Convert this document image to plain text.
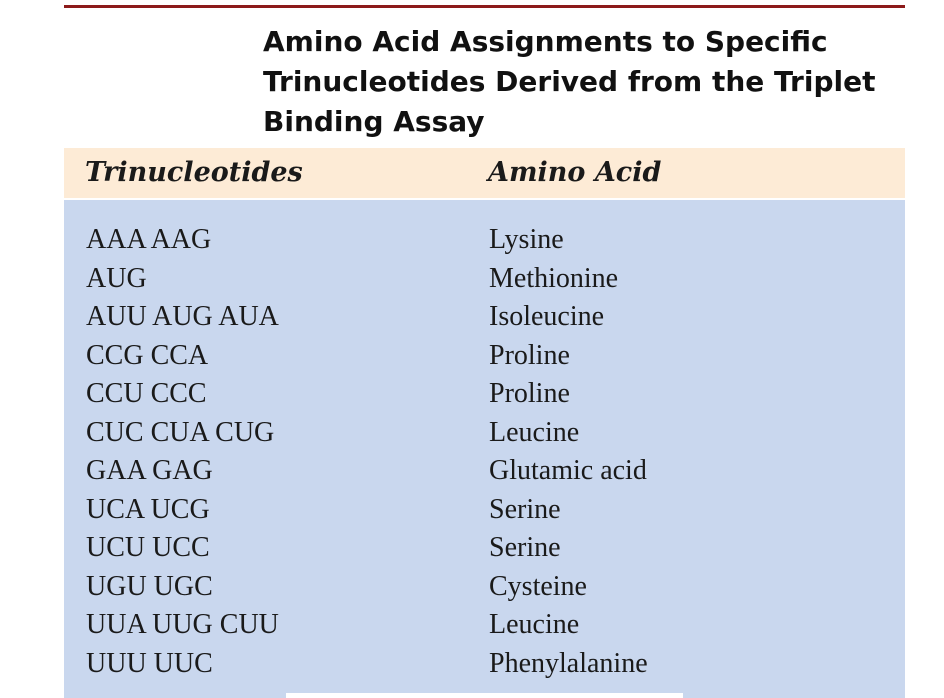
Amino Acid Assignments to Specific Trinucleotides Derived from the Triplet Binding Assay
Trinucleotides	Amino Acid
AAA AAG	Lysine
AUG	Methionine
AUU AUG AUA	Isoleucine
CCG CCA	Proline
CCU CCC	Proline
CUC CUA CUG	Leucine
GAA GAG	Glutamic acid
UCA UCG	Serine
UCU UCC	Serine
UGU UGC	Cysteine
UUA UUG CUU	Leucine
UUU UUC	Phenylalanine
